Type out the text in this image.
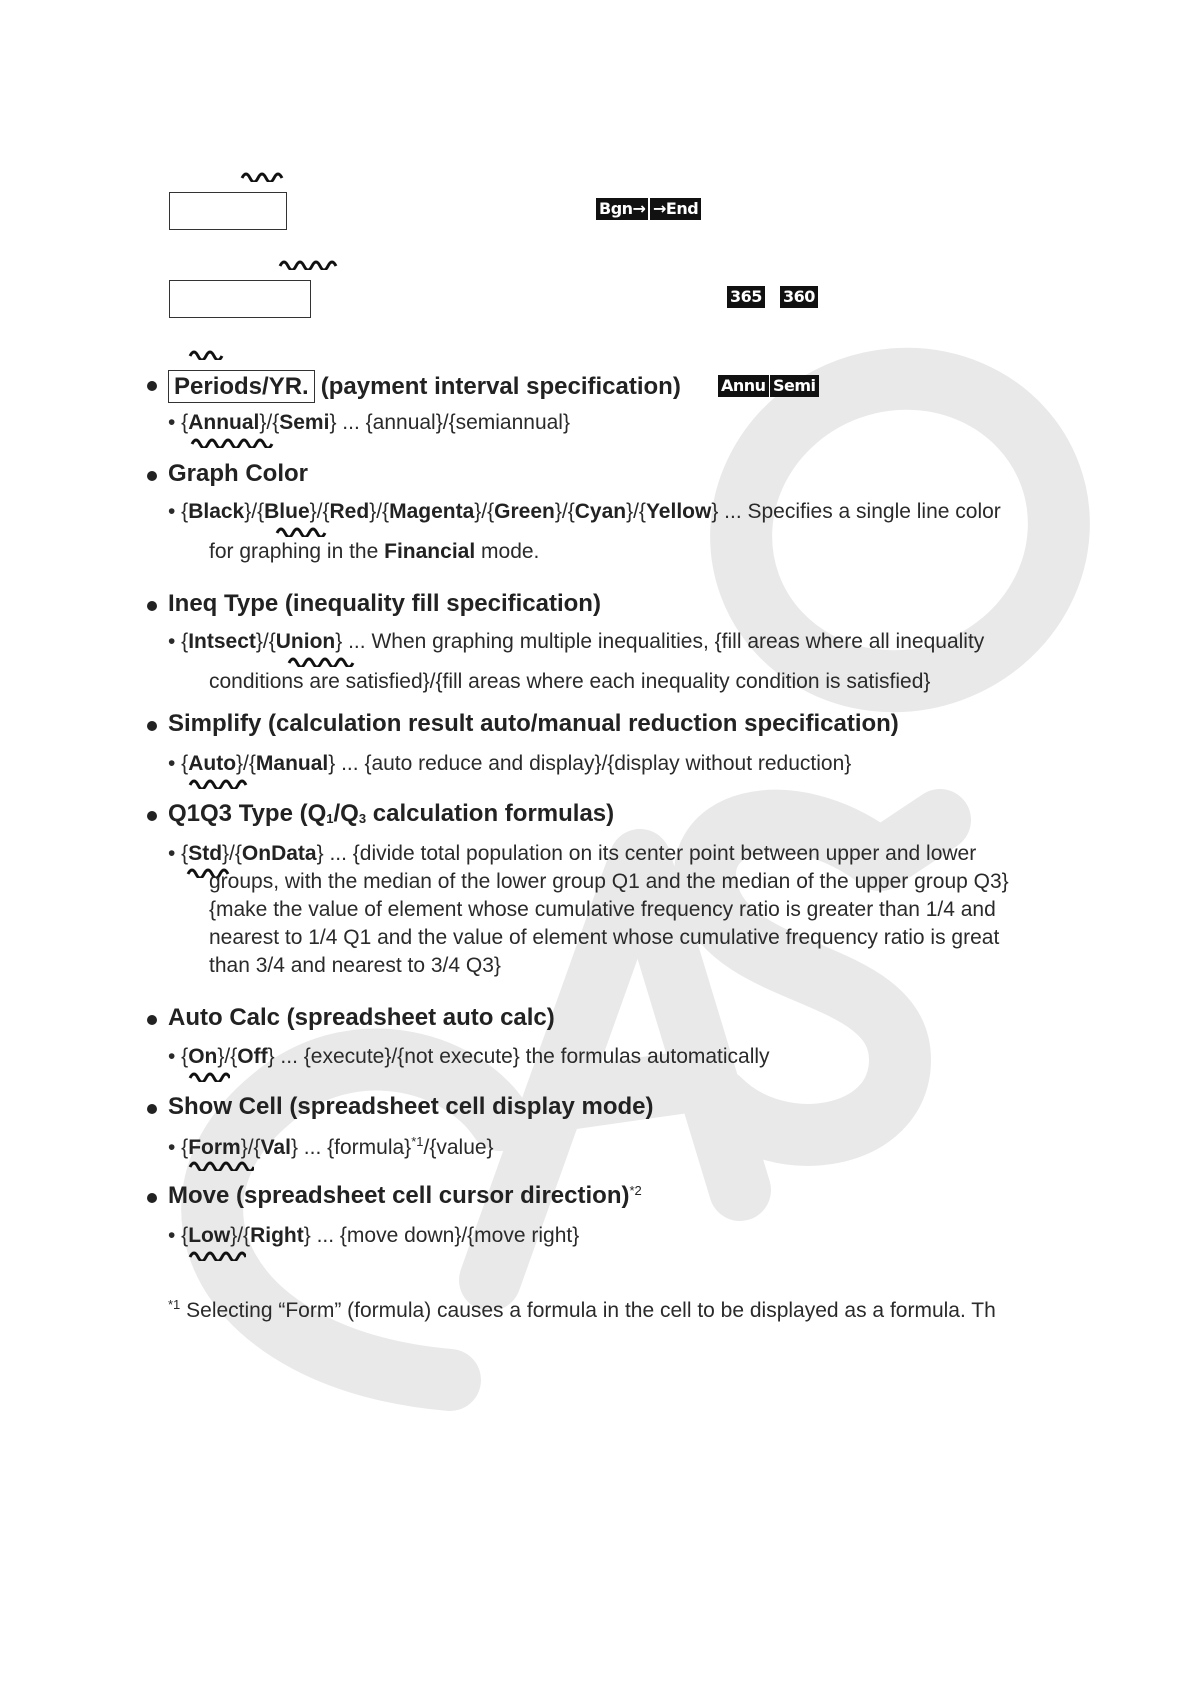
Bgn→ →End
365 360
Periods/YR. (payment interval specification)	Annu Semi
• {Annual}/{Semi} ... {annual}/{semiannual}
Graph Color
• {Black}/{Blue}/{Red}/{Magenta}/{Green}/{Cyan}/{Yellow} ... Specifies a single line color
for graphing in the Financial mode.
Ineq Type (inequality fill specification)
• {Intsect}/{Union} ... When graphing multiple inequalities, {fill areas where all inequality
conditions are satisfied}/{fill areas where each inequality condition is satisfied}
Simplify (calculation result auto/manual reduction specification)
• {Auto}/{Manual} ... {auto reduce and display}/{display without reduction}
Q1Q3 Type ($Q_1/Q_3$ calculation formulas)
• {Std}/{OnData} ... {divide total population on its center point between upper and lower
groups, with the median of the lower group Q1 and the median of the upper group Q3}
{make the value of element whose cumulative frequency ratio is greater than 1/4 and
nearest to 1/4 Q1 and the value of element whose cumulative frequency ratio is great
than 3/4 and nearest to 3/4 Q3}
Auto Calc (spreadsheet auto calc)
• {On}/{Off} ... {execute}/{not execute} the formulas automatically
Show Cell (spreadsheet cell display mode)
• {Form}/{Val} ... {formula}$^{*1}$/{value}
Move (spreadsheet cell cursor direction)$^{*2}$
• {Low}/{Right} ... {move down}/{move right}
$^{*1}$ Selecting “Form” (formula) causes a formula in the cell to be displayed as a formula. Th
